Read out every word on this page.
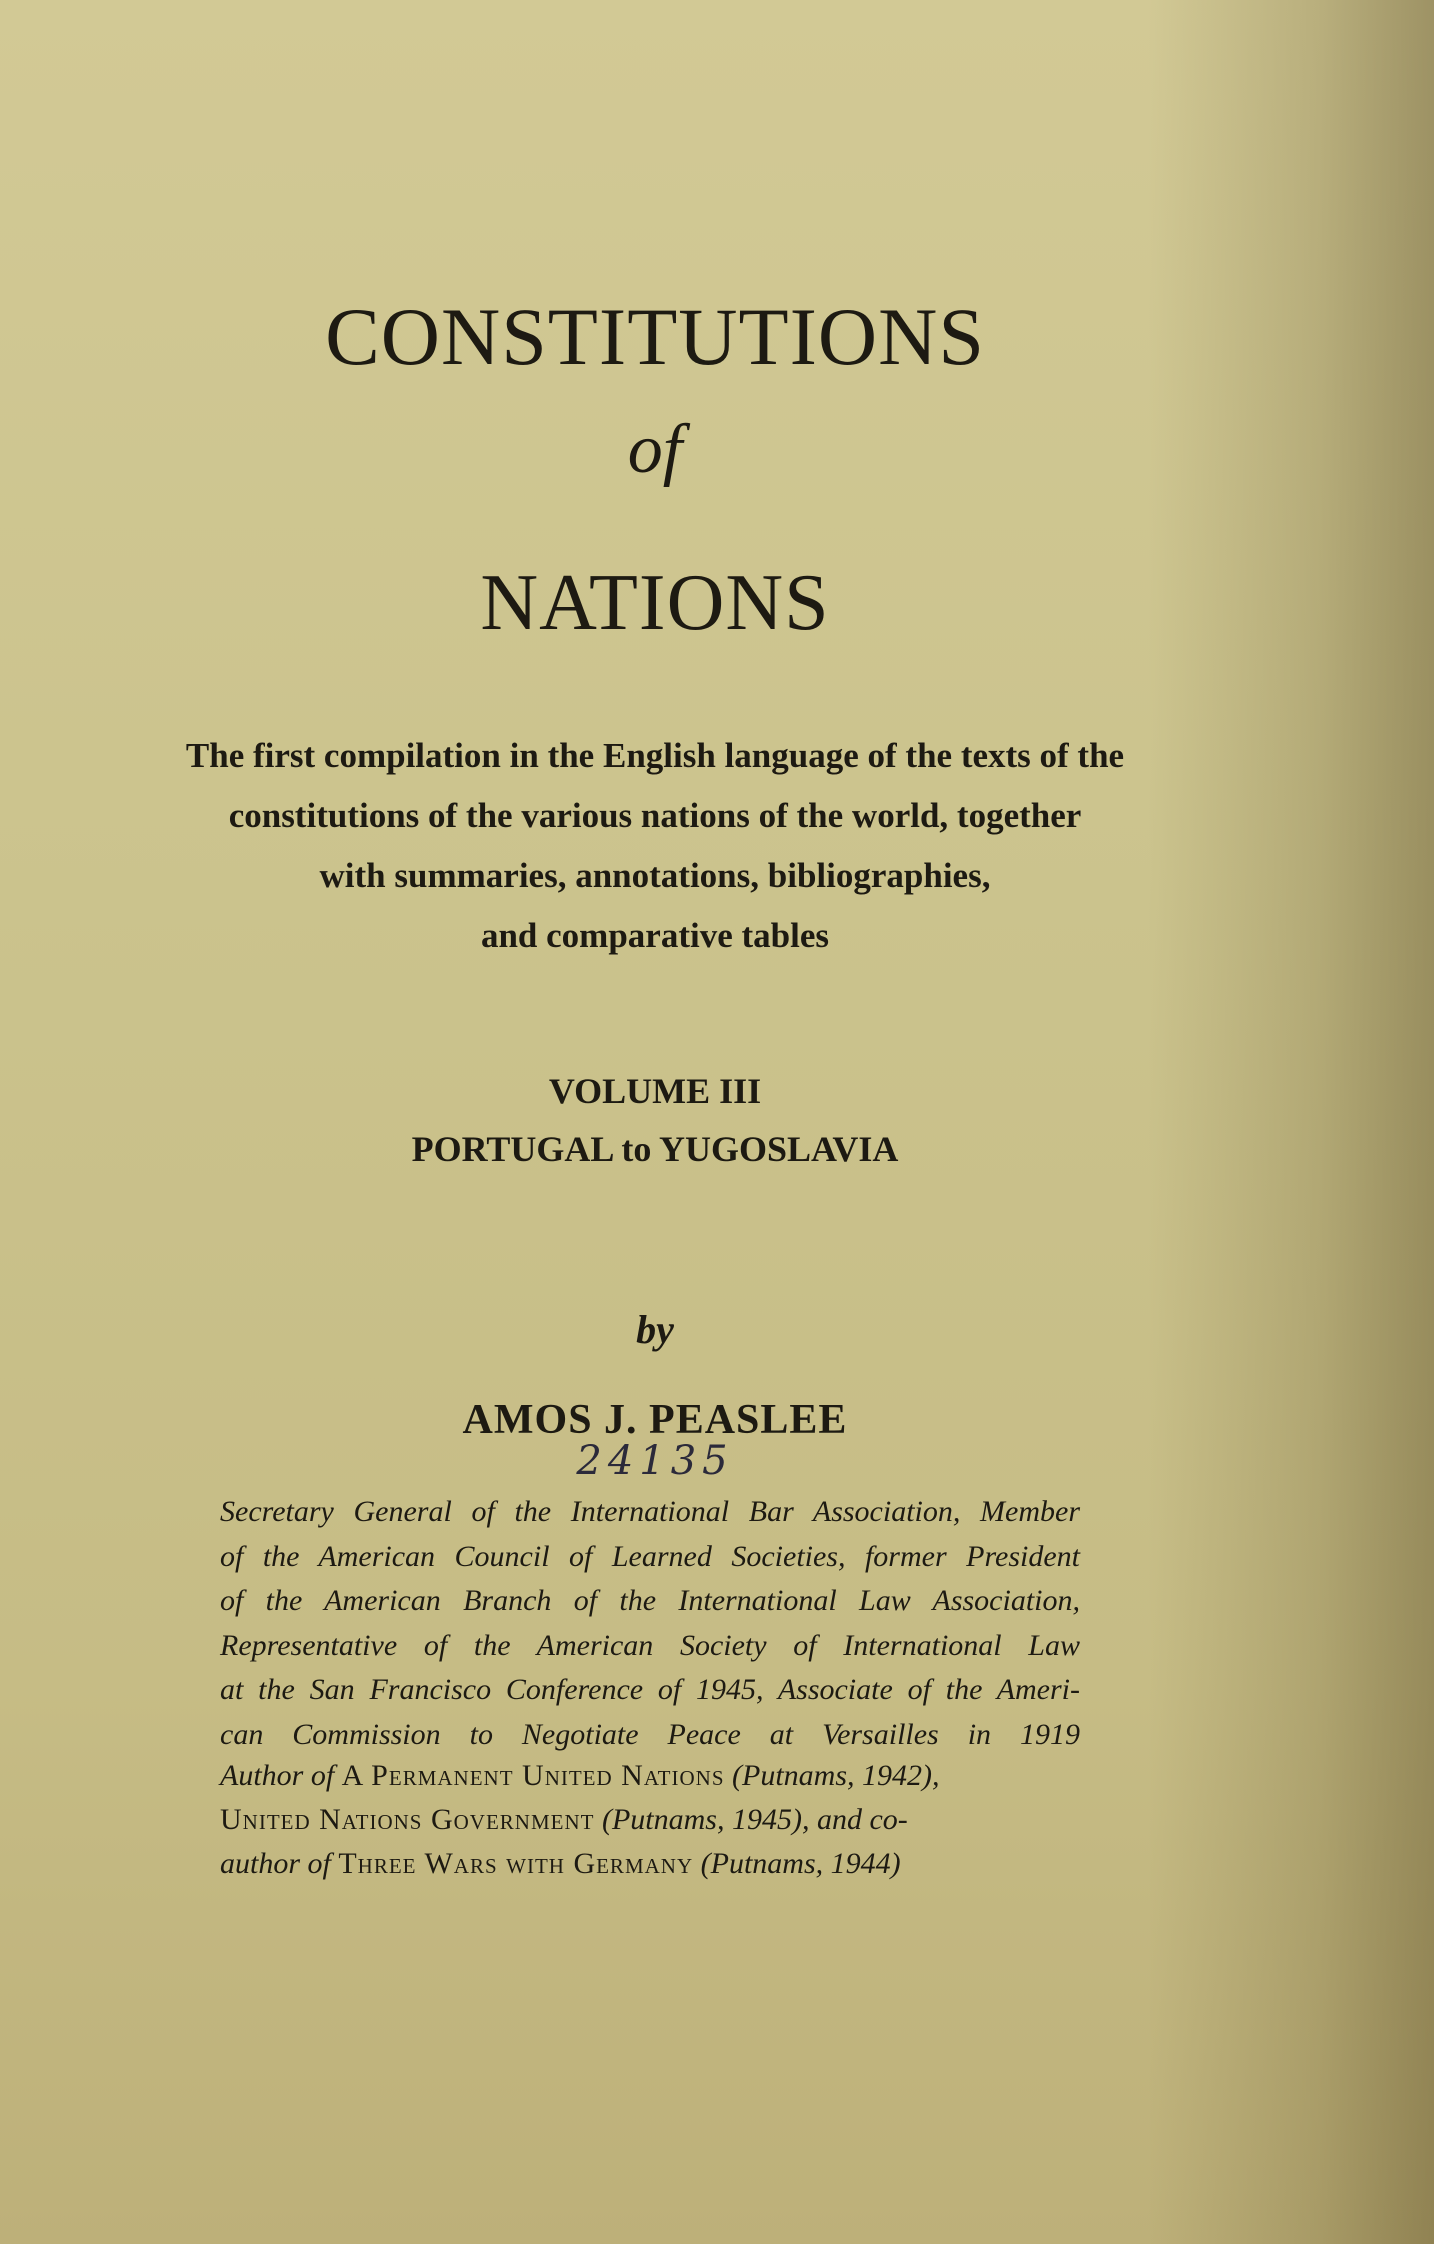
CONSTITUTIONS
of
NATIONS
The first compilation in the English language of the texts of the
constitutions of the various nations of the world, together
with summaries, annotations, bibliographies,
and comparative tables
VOLUME III
PORTUGAL to YUGOSLAVIA
by
AMOS J. PEASLEE
24135
Secretary General of the International Bar Association, Member
of the American Council of Learned Societies, former President
of the American Branch of the International Law Association,
Representative of the American Society of International Law
at the San Francisco Conference of 1945, Associate of the Ameri-
can Commission to Negotiate Peace at Versailles in 1919
Author of A Permanent United Nations (Putnams, 1942),
United Nations Government (Putnams, 1945), and co-
author of Three Wars with Germany (Putnams, 1944)
